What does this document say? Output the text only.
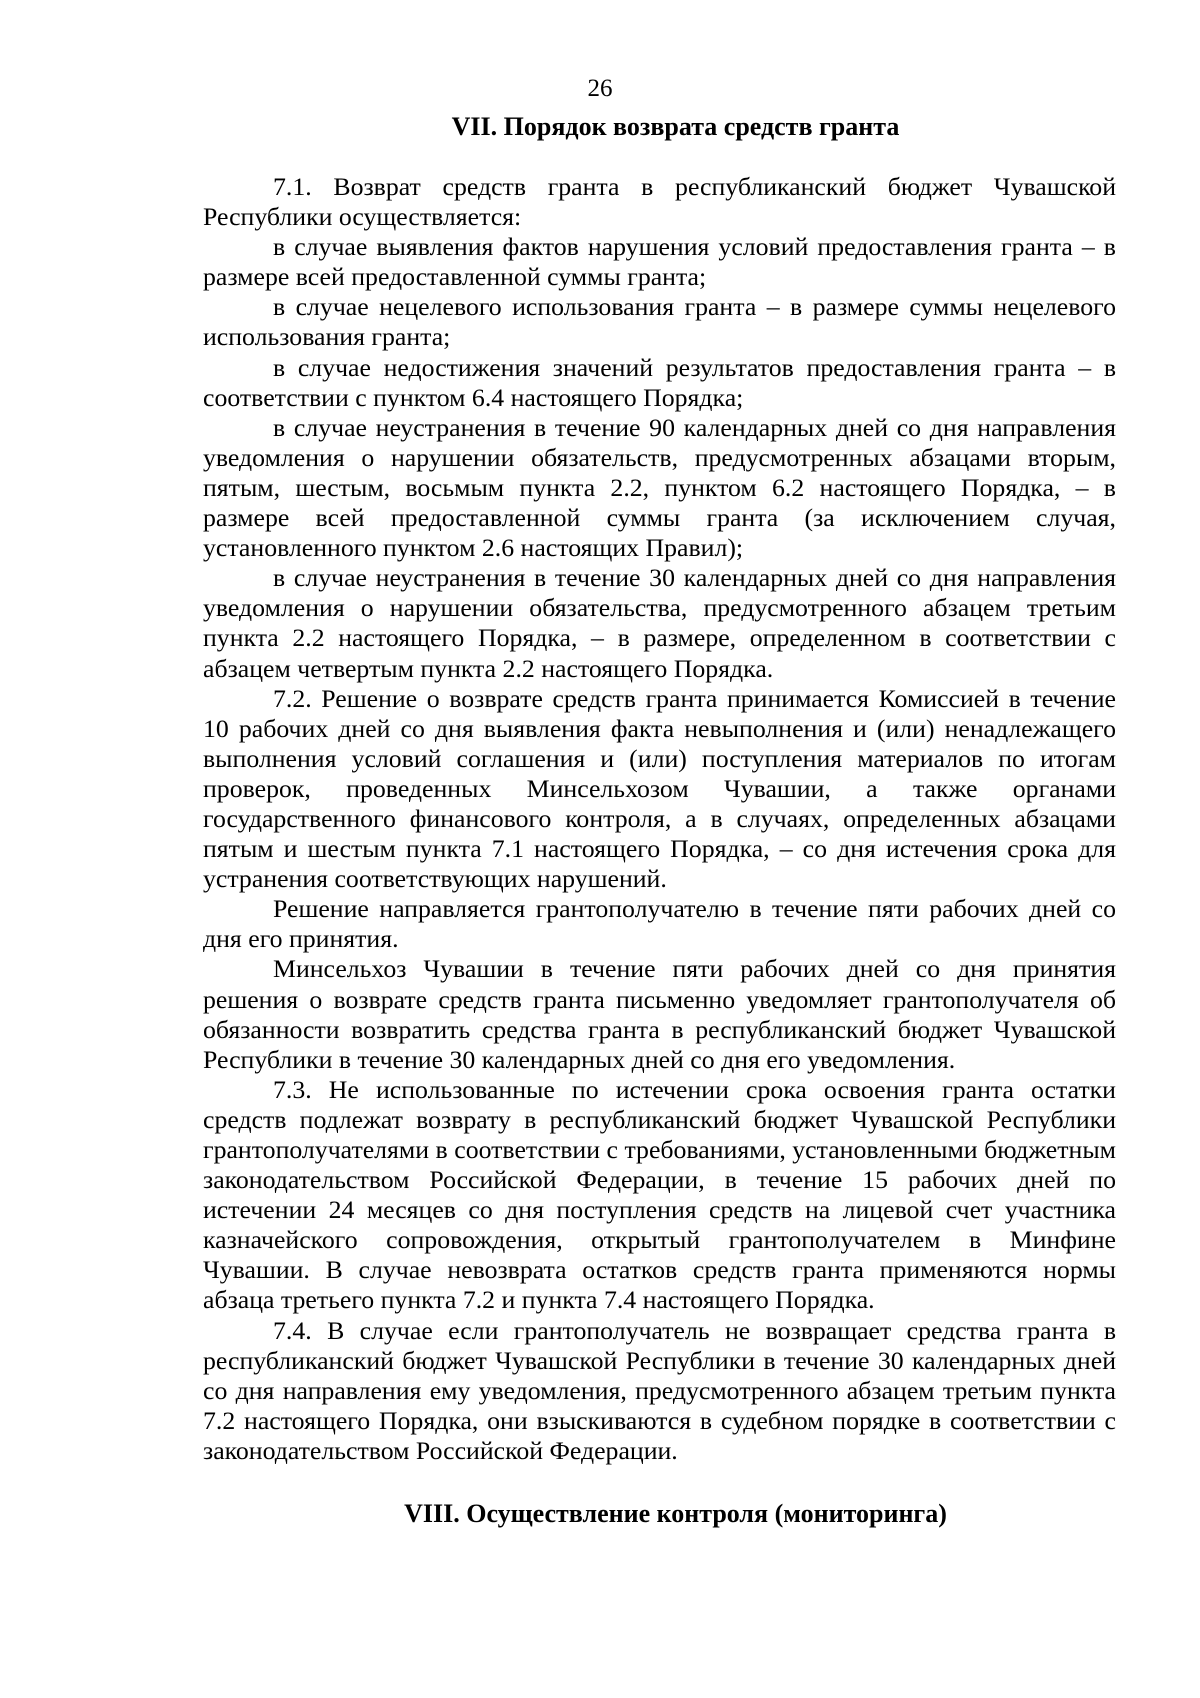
26
VII. Порядок возврата средств гранта

7.1. Возврат средств гранта в республиканский бюджет Чувашской Республики осуществляется:

в случае выявления фактов нарушения условий предоставления гранта – в размере всей предоставленной суммы гранта;

в случае нецелевого использования гранта – в размере суммы нецелевого использования гранта;

в случае недостижения значений результатов предоставления гранта – в соответствии с пунктом 6.4 настоящего Порядка;

в случае неустранения в течение 90 календарных дней со дня направления уведомления о нарушении обязательств, предусмотренных абзацами вторым, пятым, шестым, восьмым пункта 2.2, пунктом 6.2 настоящего Порядка, – в размере всей предоставленной суммы гранта (за исключением случая, установленного пунктом 2.6 настоящих Правил);

в случае неустранения в течение 30 календарных дней со дня направления уведомления о нарушении обязательства, предусмотренного абзацем третьим пункта 2.2 настоящего Порядка, – в размере, определенном в соответствии с абзацем четвертым пункта 2.2 настоящего Порядка.

7.2. Решение о возврате средств гранта принимается Комиссией в течение 10 рабочих дней со дня выявления факта невыполнения и (или) ненадлежащего выполнения условий соглашения и (или) поступления материалов по итогам проверок, проведенных Минсельхозом Чувашии, а также органами государственного финансового контроля, а в случаях, определенных абзацами пятым и шестым пункта 7.1 настоящего Порядка, – со дня истечения срока для устранения соответствующих нарушений.

Решение направляется грантополучателю в течение пяти рабочих дней со дня его принятия.

Минсельхоз Чувашии в течение пяти рабочих дней со дня принятия решения о возврате средств гранта письменно уведомляет грантополучателя об обязанности возвратить средства гранта в республиканский бюджет Чувашской Республики в течение 30 календарных дней со дня его уведомления.

7.3. Не использованные по истечении срока освоения гранта остатки средств подлежат возврату в республиканский бюджет Чувашской Республики грантополучателями в соответствии с требованиями, установленными бюджетным законодательством Российской Федерации, в течение 15 рабочих дней по истечении 24 месяцев со дня поступления средств на лицевой счет участника казначейского сопровождения, открытый грантополучателем в Минфине Чувашии. В случае невозврата остатков средств гранта применяются нормы абзаца третьего пункта 7.2 и пункта 7.4 настоящего Порядка.

7.4. В случае если грантополучатель не возвращает средства гранта в республиканский бюджет Чувашской Республики в течение 30 календарных дней со дня направления ему уведомления, предусмотренного абзацем третьим пункта 7.2 настоящего Порядка, они взыскиваются в судебном порядке в соответствии с законодательством Российской Федерации.

VIII. Осуществление контроля (мониторинга)
